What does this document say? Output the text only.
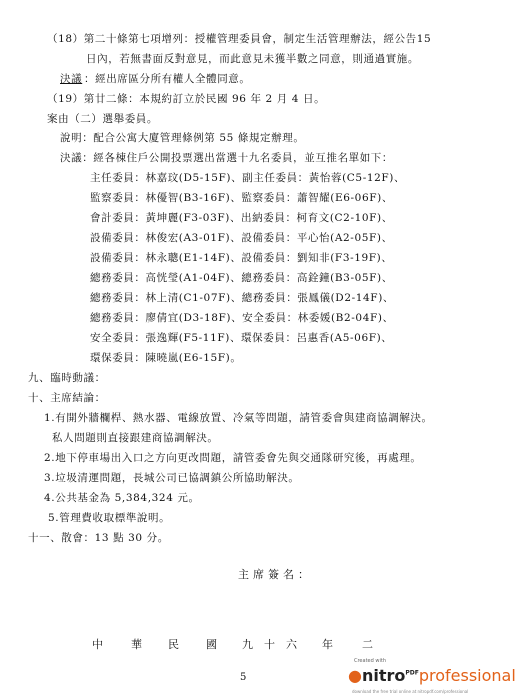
（18）第二十條第七項增列：授權管理委員會，制定生活管理辦法，經公告15
日內，若無書面反對意見，而此意見未獲半數之同意，則通過實施。
決議 ：經出席區分所有權人全體同意。
（19）第廿二條：本規約訂立於民國 96 年 2 月 4 日。
案由（二）選舉委員。
說明：配合公寓大廈管理條例第 55 條規定辦理。
決議：經各棟住戶公開投票選出當選十九名委員，並互推名單如下：
主任委員：林嘉玟(D5-15F)、副主任委員：黃怡蓉(C5-12F)、
監察委員：林優智(B3-16F)、監察委員：蕭智耀(E6-06F)、
會計委員：黃坤麗(F3-03F)、出納委員：柯育文(C2-10F)、
設備委員：林俊宏(A3-01F)、設備委員：平心怡(A2-05F)、
設備委員：林永聰(E1-14F)、設備委員：劉知非(F3-19F)、
總務委員：高恍瑩(A1-04F)、總務委員：高銓鐘(B3-05F)、
總務委員：林上清(C1-07F)、總務委員：張鳳儀(D2-14F)、
總務委員：廖倩宜(D3-18F)、安全委員：林委媛(B2-04F)、
安全委員：張逸輝(F5-11F)、環保委員：呂惠香(A5-06F)、
環保委員：陳曉嵐(E6-15F)。
九、臨時動議：
十、主席結論：
1.有開外牆欄桿、熱水器、電線放置、冷氣等問題，請管委會與建商協調解決。
私人問題則直接跟建商協調解決。
2.地下停車場出入口之方向更改問題，請管委會先與交通隊研究後，再處理。
3.垃圾清運問題，長城公司已協調鎮公所協助解決。
4.公共基金為 5,384,324 元。
5.管理費收取標準說明。
十一、散會：13 點 30 分。
主席簽名：
中	華 民 國 九 十 六 年	二
5
Created with
●nitro$^{PDF}$professional
download the free trial online at nitropdf.com/professional
